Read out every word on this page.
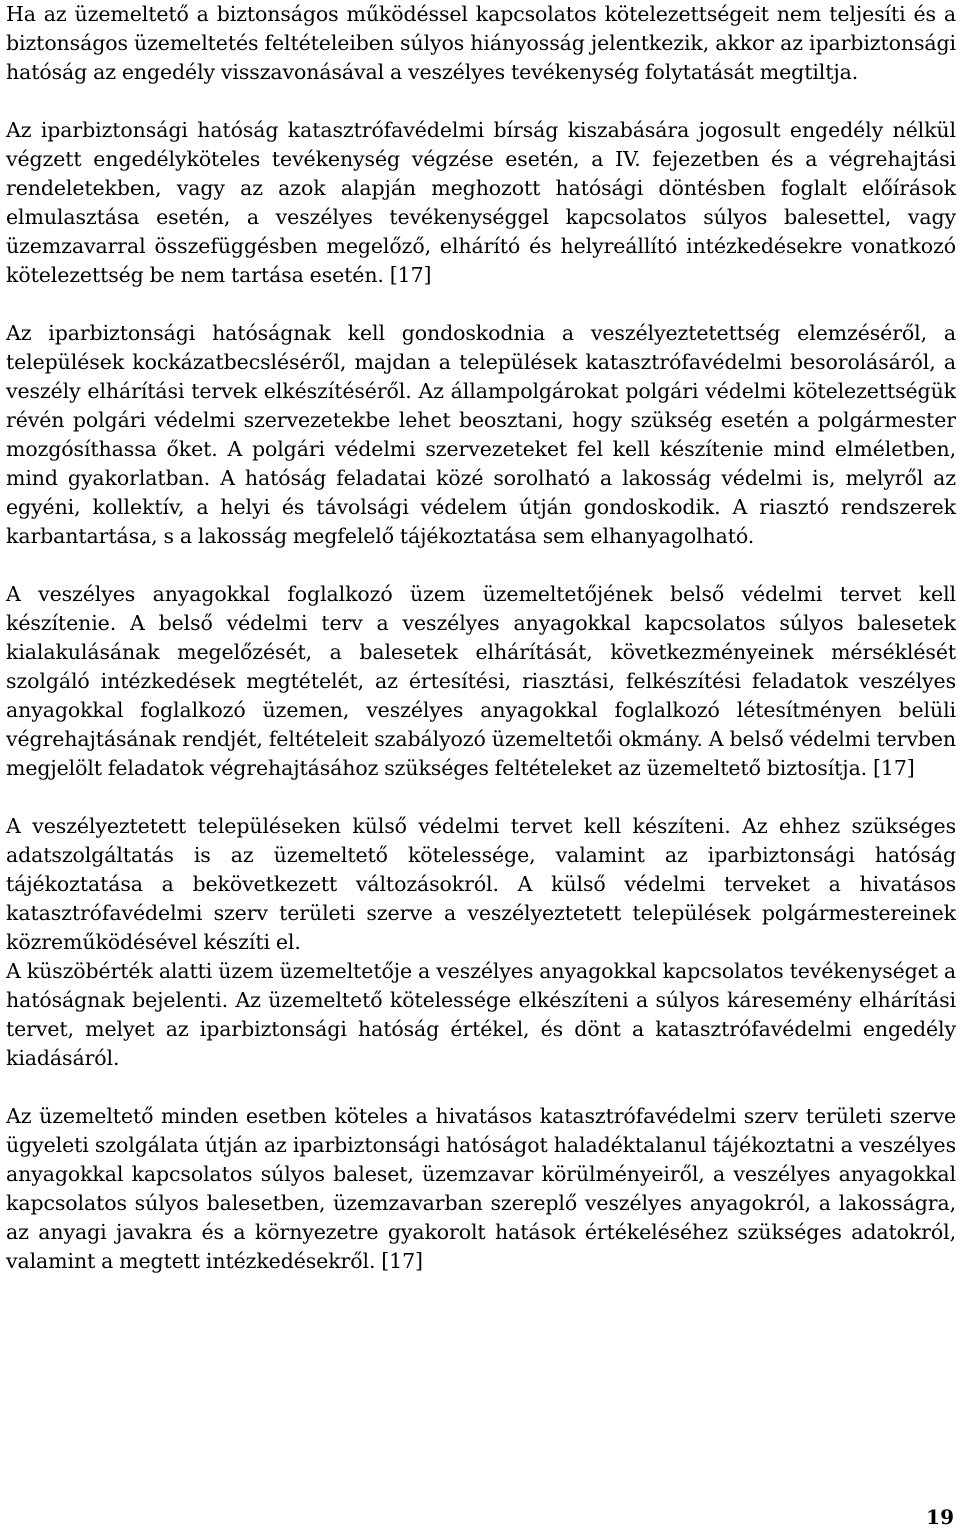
Ha az üzemeltető a biztonságos működéssel kapcsolatos kötelezettségeit nem teljesíti és a biztonságos üzemeltetés feltételeiben súlyos hiányosság jelentkezik, akkor az iparbiztonsági hatóság az engedély visszavonásával a veszélyes tevékenység folytatását megtiltja.

Az iparbiztonsági hatóság katasztrófavédelmi bírság kiszabására jogosult engedély nélkül végzett engedélyköteles tevékenység végzése esetén, a IV. fejezetben és a végrehajtási rendeletekben, vagy az azok alapján meghozott hatósági döntésben foglalt előírások elmulasztása esetén, a veszélyes tevékenységgel kapcsolatos súlyos balesettel, vagy üzemzavarral összefüggésben megelőző, elhárító és helyreállító intézkedésekre vonatkozó kötelezettség be nem tartása esetén. [17]

Az iparbiztonsági hatóságnak kell gondoskodnia a veszélyeztetettség elemzéséről, a települések kockázatbecsléséről, majdan a települések katasztrófavédelmi besorolásáról, a veszély elhárítási tervek elkészítéséről. Az állampolgárokat polgári védelmi kötelezettségük révén polgári védelmi szervezetekbe lehet beosztani, hogy szükség esetén a polgármester mozgósíthassa őket. A polgári védelmi szervezeteket fel kell készítenie mind elméletben, mind gyakorlatban. A hatóság feladatai közé sorolható a lakosság védelmi is, melyről az egyéni, kollektív, a helyi és távolsági védelem útján gondoskodik. A riasztó rendszerek karbantartása, s a lakosság megfelelő tájékoztatása sem elhanyagolható.

A veszélyes anyagokkal foglalkozó üzem üzemeltetőjének belső védelmi tervet kell készítenie. A belső védelmi terv a veszélyes anyagokkal kapcsolatos súlyos balesetek kialakulásának megelőzését, a balesetek elhárítását, következményeinek mérséklését szolgáló intézkedések megtételét, az értesítési, riasztási, felkészítési feladatok veszélyes anyagokkal foglalkozó üzemen, veszélyes anyagokkal foglalkozó létesítményen belüli végrehajtásának rendjét, feltételeit szabályozó üzemeltetői okmány. A belső védelmi tervben megjelölt feladatok végrehajtásához szükséges feltételeket az üzemeltető biztosítja. [17]

A veszélyeztetett településeken külső védelmi tervet kell készíteni. Az ehhez szükséges adatszolgáltatás is az üzemeltető kötelessége, valamint az iparbiztonsági hatóság tájékoztatása a bekövetkezett változásokról. A külső védelmi terveket a hivatásos katasztrófavédelmi szerv területi szerve a veszélyeztetett települések polgármestereinek közreműködésével készíti el.

A küszöbérték alatti üzem üzemeltetője a veszélyes anyagokkal kapcsolatos tevékenységet a hatóságnak bejelenti. Az üzemeltető kötelessége elkészíteni a súlyos káresemény elhárítási tervet, melyet az iparbiztonsági hatóság értékel, és dönt a katasztrófavédelmi engedély kiadásáról.

Az üzemeltető minden esetben köteles a hivatásos katasztrófavédelmi szerv területi szerve ügyeleti szolgálata útján az iparbiztonsági hatóságot haladéktalanul tájékoztatni a veszélyes anyagokkal kapcsolatos súlyos baleset, üzemzavar körülményeiről, a veszélyes anyagokkal kapcsolatos súlyos balesetben, üzemzavarban szereplő veszélyes anyagokról, a lakosságra, az anyagi javakra és a környezetre gyakorolt hatások értékeléséhez szükséges adatokról, valamint a megtett intézkedésekről. [17]

19
